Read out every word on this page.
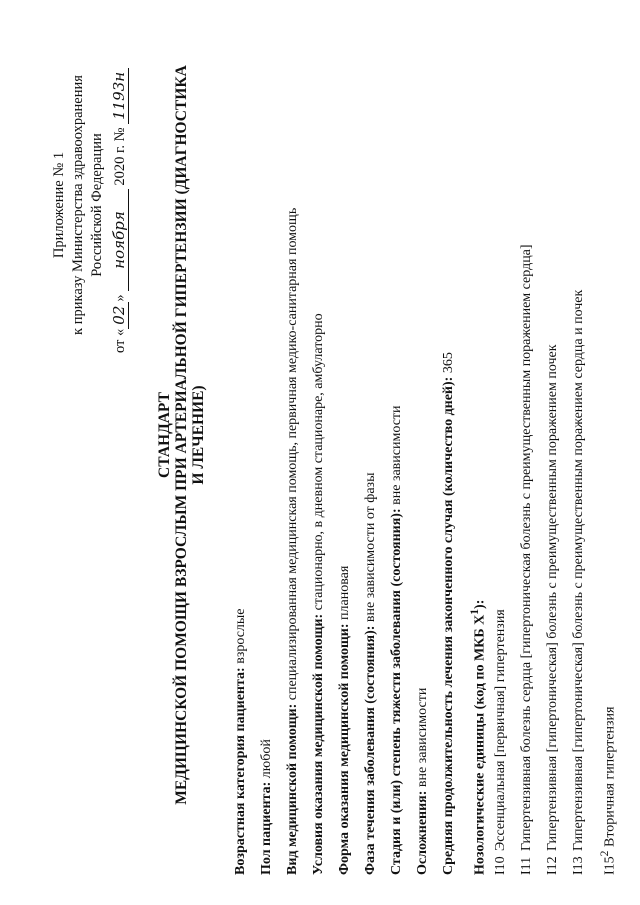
Приложение № 1 к приказу Министерства здравоохранения Российской Федерации
от «02» ноября 2020 г. № 1193н
СТАНДАРТ МЕДИЦИНСКОЙ ПОМОЩИ ВЗРОСЛЫМ ПРИ АРТЕРИАЛЬНОЙ ГИПЕРТЕНЗИИ (ДИАГНОСТИКА И ЛЕЧЕНИЕ)
Возрастная категория пациента: взрослые
Пол пациента: любой Вид медицинской помощи: специализированная медицинская помощь, первичная медико-санитарная помощь
Условия оказания медицинской помощи: стационарно, в дневном стационаре, амбулаторно
Форма оказания медицинской помощи: плановая
Фаза течения заболевания (состояния): вне зависимости от фазы Стадия и (или) степень тяжести заболевания (состояния): вне зависимости
Осложнения: вне зависимости Средняя продолжительность лечения законченного случая (количество дней): 365
Нозологические единицы (код по МКБ $X^1$):
I10Эссенциальная [первичная] гипертензия
I11Гипертензивная болезнь сердца [гипертоническая болезнь с преимущественным поражением сердца]
I12Гипертензивная [гипертоническая] болезнь с преимущественным поражением почек
I13Гипертензивная [гипертоническая] болезнь с преимущественным поражением сердца и почек
$I15^2$ Вторичная гипертензия
